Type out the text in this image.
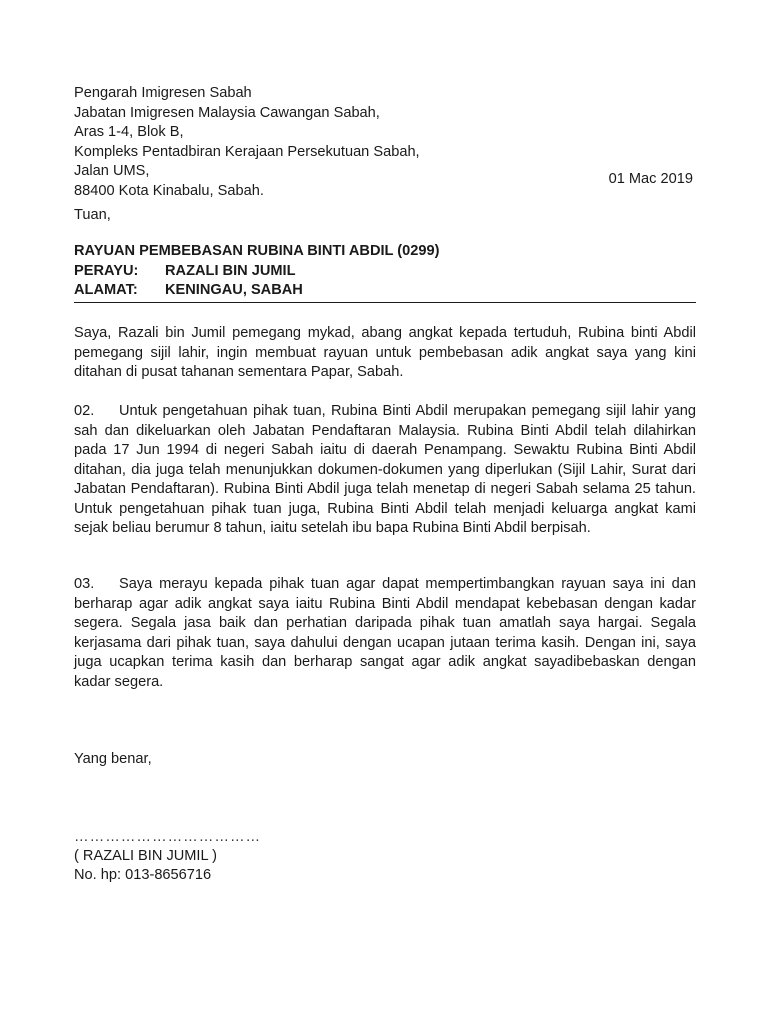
Pengarah Imigresen Sabah
Jabatan Imigresen Malaysia Cawangan Sabah,
Aras 1-4, Blok B,
Kompleks Pentadbiran Kerajaan Persekutuan Sabah,
Jalan UMS,
88400 Kota Kinabalu, Sabah.
01 Mac 2019
Tuan,
RAYUAN PEMBEBASAN RUBINA BINTI ABDIL (0299)
PERAYU: RAZALI BIN JUMIL
ALAMAT: KENINGAU, SABAH
Saya, Razali bin Jumil pemegang mykad, abang angkat kepada tertuduh, Rubina binti Abdil pemegang sijil lahir, ingin membuat rayuan untuk pembebasan adik angkat saya yang kini ditahan di pusat tahanan sementara Papar, Sabah.
02. Untuk pengetahuan pihak tuan, Rubina Binti Abdil merupakan pemegang sijil lahir yang sah dan dikeluarkan oleh Jabatan Pendaftaran Malaysia. Rubina Binti Abdil telah dilahirkan pada 17 Jun 1994 di negeri Sabah iaitu di daerah Penampang. Sewaktu Rubina Binti Abdil ditahan, dia juga telah menunjukkan dokumen-dokumen yang diperlukan (Sijil Lahir, Surat dari Jabatan Pendaftaran). Rubina Binti Abdil juga telah menetap di negeri Sabah selama 25 tahun. Untuk pengetahuan pihak tuan juga, Rubina Binti Abdil telah menjadi keluarga angkat kami sejak beliau berumur 8 tahun, iaitu setelah ibu bapa Rubina Binti Abdil berpisah.
03. Saya merayu kepada pihak tuan agar dapat mempertimbangkan rayuan saya ini dan berharap agar adik angkat saya iaitu Rubina Binti Abdil mendapat kebebasan dengan kadar segera. Segala jasa baik dan perhatian daripada pihak tuan amatlah saya hargai. Segala kerjasama dari pihak tuan, saya dahului dengan ucapan jutaan terima kasih. Dengan ini, saya juga ucapkan terima kasih dan berharap sangat agar adik angkat sayadibebaskan dengan kadar segera.
Yang benar,
………………………………
( RAZALI BIN JUMIL )
No. hp: 013-8656716
